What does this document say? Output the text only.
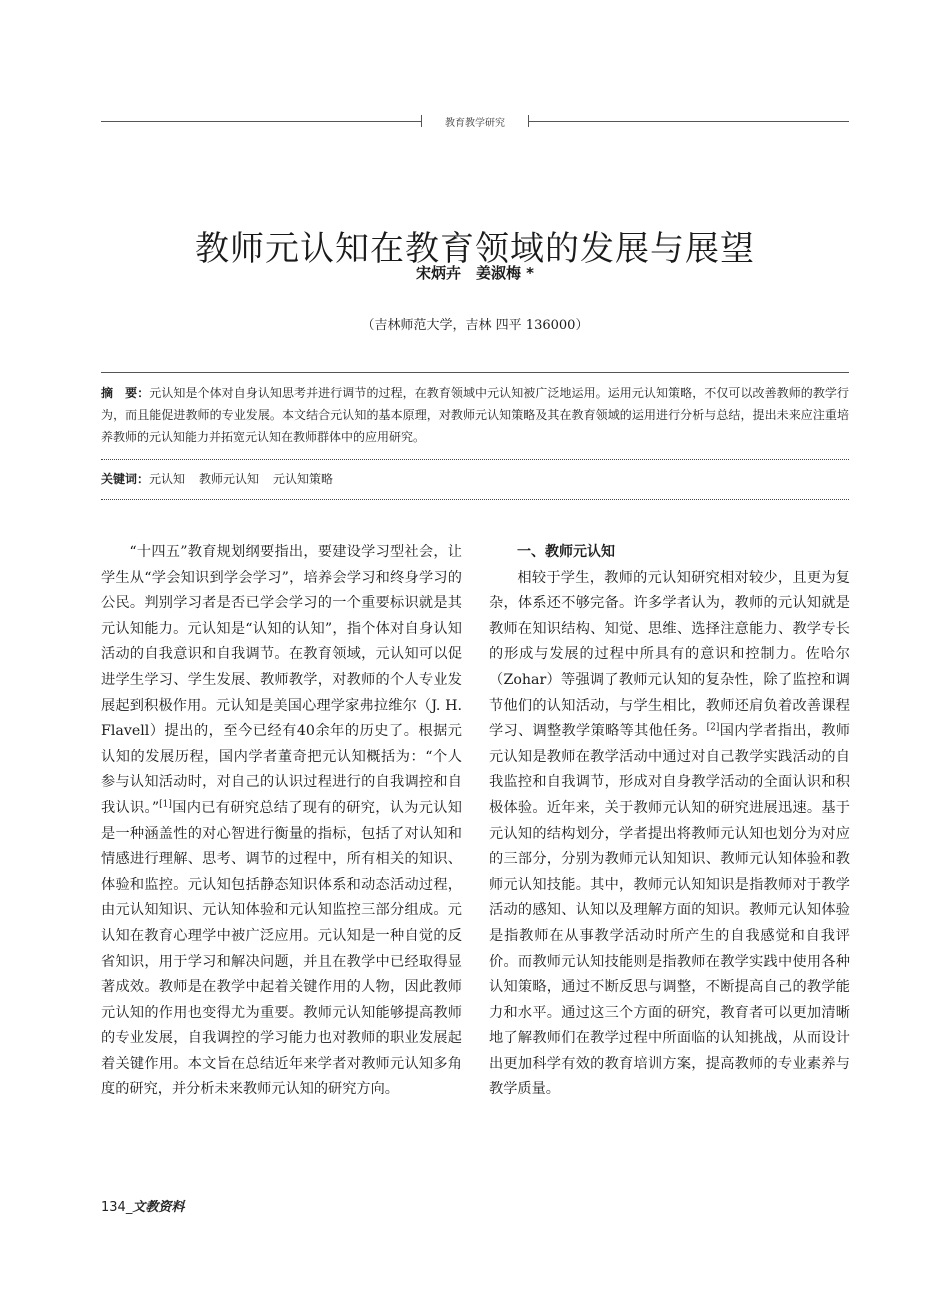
教育教学研究
教师元认知在教育领域的发展与展望
宋炳卉　姜淑梅 *
（吉林师范大学，吉林 四平 136000）
摘　要：元认知是个体对自身认知思考并进行调节的过程，在教育领域中元认知被广泛地运用。运用元认知策略，不仅可以改善教师的教学行为，而且能促进教师的专业发展。本文结合元认知的基本原理，对教师元认知策略及其在教育领域的运用进行分析与总结，提出未来应注重培养教师的元认知能力并拓宽元认知在教师群体中的应用研究。
关键词：元认知 教师元认知 元认知策略

“十四五”教育规划纲要指出，要建设学习型社会，让学生从“学会知识到学会学习”，培养会学习和终身学习的公民。判别学习者是否已学会学习的一个重要标识就是其元认知能力。元认知是“认知的认知”，指个体对自身认知活动的自我意识和自我调节。在教育领域，元认知可以促进学生学习、学生发展、教师教学，对教师的个人专业发展起到积极作用。元认知是美国心理学家弗拉维尔（J. H. Flavell）提出的，至今已经有40余年的历史了。根据元认知的发展历程，国内学者董奇把元认知概括为：“个人参与认知活动时，对自己的认识过程进行的自我调控和自我认识。”[1]国内已有研究总结了现有的研究，认为元认知是一种涵盖性的对心智进行衡量的指标，包括了对认知和情感进行理解、思考、调节的过程中，所有相关的知识、体验和监控。元认知包括静态知识体系和动态活动过程，由元认知知识、元认知体验和元认知监控三部分组成。元认知在教育心理学中被广泛应用。元认知是一种自觉的反省知识，用于学习和解决问题，并且在教学中已经取得显著成效。教师是在教学中起着关键作用的人物，因此教师元认知的作用也变得尤为重要。教师元认知能够提高教师的专业发展，自我调控的学习能力也对教师的职业发展起着关键作用。本文旨在总结近年来学者对教师元认知多角度的研究，并分析未来教师元认知的研究方向。

一、教师元认知

相较于学生，教师的元认知研究相对较少，且更为复杂，体系还不够完备。许多学者认为，教师的元认知就是教师在知识结构、知觉、思维、选择注意能力、教学专长的形成与发展的过程中所具有的意识和控制力。佐哈尔（Zohar）等强调了教师元认知的复杂性，除了监控和调节他们的认知活动，与学生相比，教师还肩负着改善课程学习、调整教学策略等其他任务。[2]国内学者指出，教师元认知是教师在教学活动中通过对自己教学实践活动的自我监控和自我调节，形成对自身教学活动的全面认识和积极体验。近年来，关于教师元认知的研究进展迅速。基于元认知的结构划分，学者提出将教师元认知也划分为对应的三部分，分别为教师元认知知识、教师元认知体验和教师元认知技能。其中，教师元认知知识是指教师对于教学活动的感知、认知以及理解方面的知识。教师元认知体验是指教师在从事教学活动时所产生的自我感觉和自我评价。而教师元认知技能则是指教师在教学实践中使用各种认知策略，通过不断反思与调整，不断提高自己的教学能力和水平。通过这三个方面的研究，教育者可以更加清晰地了解教师们在教学过程中所面临的认知挑战，从而设计出更加科学有效的教育培训方案，提高教师的专业素养与教学质量。

134_文教资料
